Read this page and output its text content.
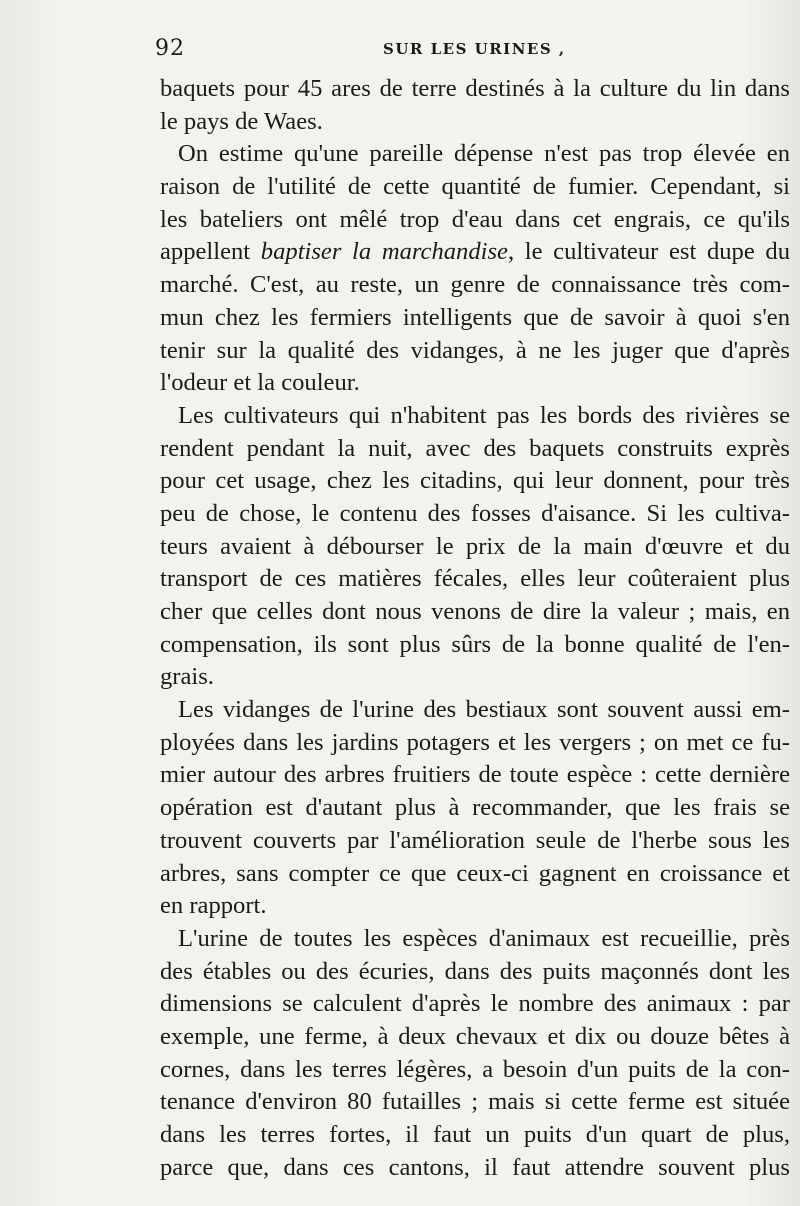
92	SUR LES URINES ,
baquets pour 45 ares de terre destinés à la culture du lin dans
le pays de Waes.
On estime qu'une pareille dépense n'est pas trop élevée en
raison de l'utilité de cette quantité de fumier. Cependant, si
les bateliers ont mêlé trop d'eau dans cet engrais, ce qu'ils
appellent baptiser la marchandise, le cultivateur est dupe du
marché. C'est, au reste, un genre de connaissance très com-
mun chez les fermiers intelligents que de savoir à quoi s'en
tenir sur la qualité des vidanges, à ne les juger que d'après
l'odeur et la couleur.
Les cultivateurs qui n'habitent pas les bords des rivières se
rendent pendant la nuit, avec des baquets construits exprès
pour cet usage, chez les citadins, qui leur donnent, pour très
peu de chose, le contenu des fosses d'aisance. Si les cultiva-
teurs avaient à débourser le prix de la main d'œuvre et du
transport de ces matières fécales, elles leur coûteraient plus
cher que celles dont nous venons de dire la valeur ; mais, en
compensation, ils sont plus sûrs de la bonne qualité de l'en-
grais.
Les vidanges de l'urine des bestiaux sont souvent aussi em-
ployées dans les jardins potagers et les vergers ; on met ce fu-
mier autour des arbres fruitiers de toute espèce : cette dernière
opération est d'autant plus à recommander, que les frais se
trouvent couverts par l'amélioration seule de l'herbe sous les
arbres, sans compter ce que ceux-ci gagnent en croissance et
en rapport.
L'urine de toutes les espèces d'animaux est recueillie, près
des étables ou des écuries, dans des puits maçonnés dont les
dimensions se calculent d'après le nombre des animaux : par
exemple, une ferme, à deux chevaux et dix ou douze bêtes à
cornes, dans les terres légères, a besoin d'un puits de la con-
tenance d'environ 80 futailles ; mais si cette ferme est située
dans les terres fortes, il faut un puits d'un quart de plus,
parce que, dans ces cantons, il faut attendre souvent plus
